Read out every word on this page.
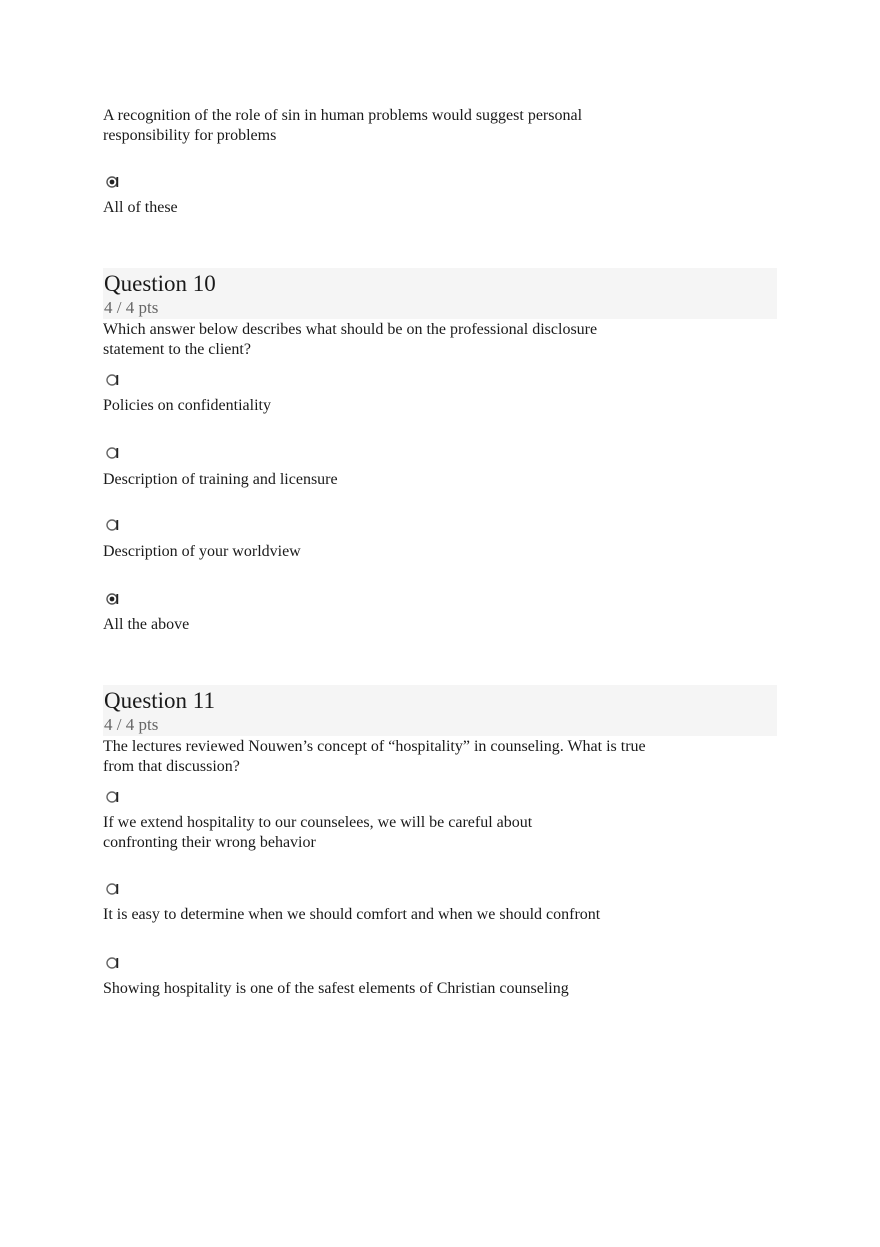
A recognition of the role of sin in human problems would suggest personal responsibility for problems
All of these
Question 10
4 / 4 pts
Which answer below describes what should be on the professional disclosure statement to the client?
Policies on confidentiality
Description of training and licensure
Description of your worldview
All the above
Question 11
4 / 4 pts
The lectures reviewed Nouwen’s concept of “hospitality” in counseling. What is true from that discussion?
If we extend hospitality to our counselees, we will be careful about confronting their wrong behavior
It is easy to determine when we should comfort and when we should confront
Showing hospitality is one of the safest elements of Christian counseling
